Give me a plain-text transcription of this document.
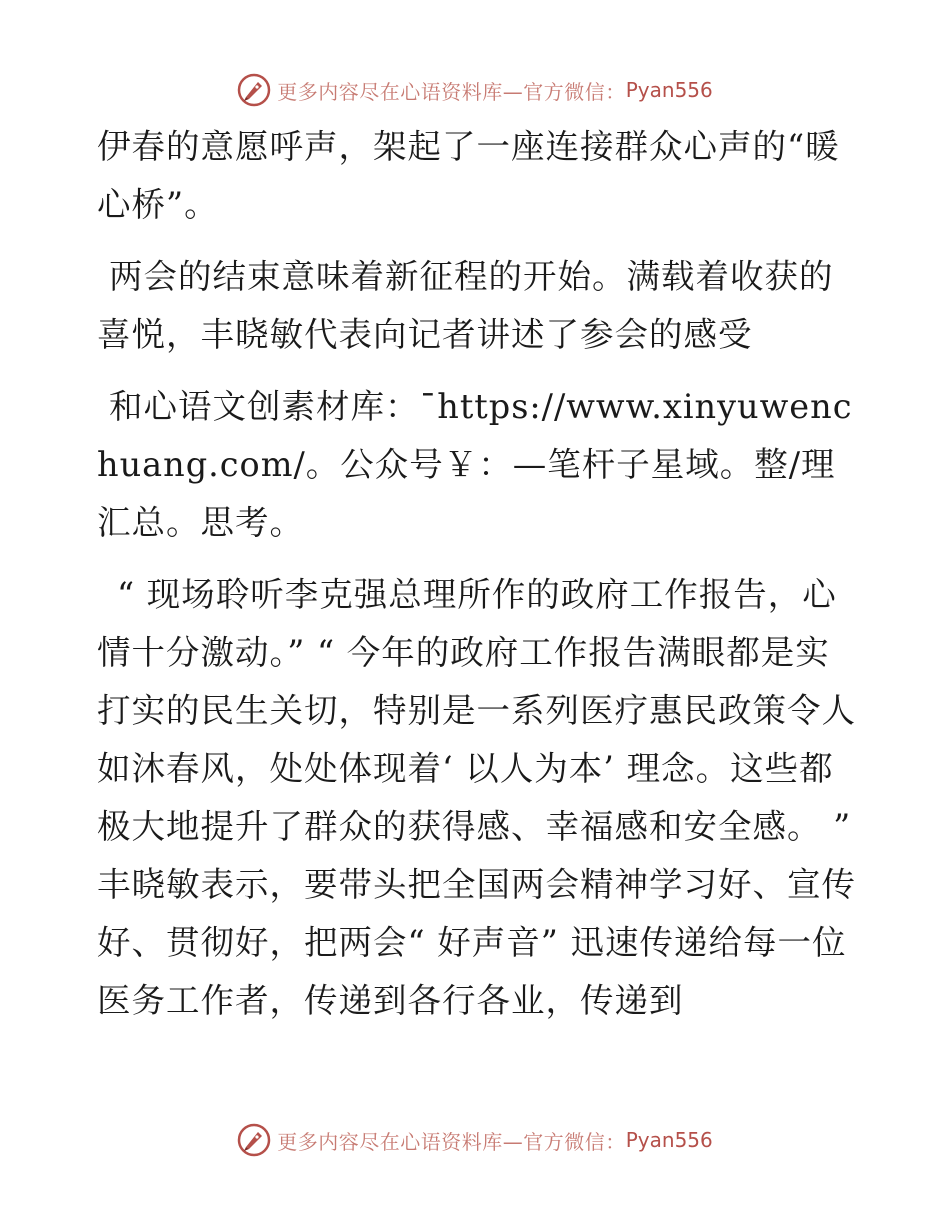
更多内容尽在心语资料库—官方微信： Pyan556

伊春的意愿呼声，架起了一座连接群众心声的“暖心桥”。

两会的结束意味着新征程的开始。满载着收获的喜悦，丰晓敏代表向记者讲述了参会的感受

和心语文创素材库：¯https://www.xinyuwenchuang.com/。公众号￥：—笔杆子星域。整/理汇总。思考。

“ 现场聆听李克强总理所作的政府工作报告，心情十分激动。” “ 今年的政府工作报告满眼都是实打实的民生关切，特别是一系列医疗惠民政策令人如沐春风，处处体现着‘ 以人为本’ 理念。这些都极大地提升了群众的获得感、幸福感和安全感。 ” 丰晓敏表示，要带头把全国两会精神学习好、宣传好、贯彻好，把两会“ 好声音” 迅速传递给每一位医务工作者，传递到各行各业，传递到

更多内容尽在心语资料库—官方微信： Pyan556
